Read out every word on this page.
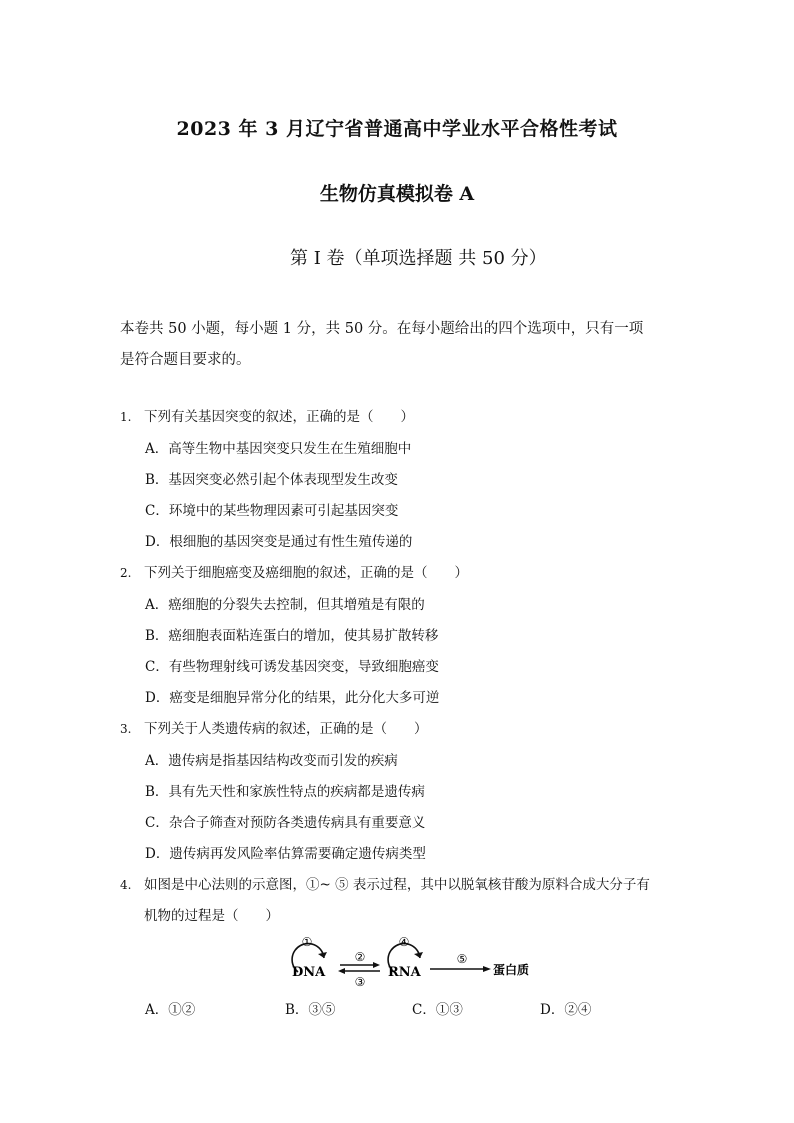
2023 年 3 月辽宁省普通高中学业水平合格性考试
生物仿真模拟卷 A
第 I 卷（单项选择题 共 50 分）
本卷共 50 小题，每小题 1 分，共 50 分。在每小题给出的四个选项中，只有一项
是符合题目要求的。
1. 下列有关基因突变的叙述，正确的是（　　）
A．高等生物中基因突变只发生在生殖细胞中
B．基因突变必然引起个体表现型发生改变
C．环境中的某些物理因素可引起基因突变
D．根细胞的基因突变是通过有性生殖传递的
2. 下列关于细胞癌变及癌细胞的叙述，正确的是（　　）
A．癌细胞的分裂失去控制，但其增殖是有限的
B．癌细胞表面粘连蛋白的增加，使其易扩散转移
C．有些物理射线可诱发基因突变，导致细胞癌变
D．癌变是细胞异常分化的结果，此分化大多可逆
3. 下列关于人类遗传病的叙述，正确的是（　　）
A．遗传病是指基因结构改变而引发的疾病
B．具有先天性和家族性特点的疾病都是遗传病
C．杂合子筛查对预防各类遗传病具有重要意义
D．遗传病再发风险率估算需要确定遗传病类型
4. 如图是中心法则的示意图，①~ ⑤ 表示过程，其中以脱氧核苷酸为原料合成大分子有
机物的过程是（　　）
①
DNA
②
③
④
RNA
⑤
蛋白质
A．①②	B．③⑤	C．①③	D．②④
